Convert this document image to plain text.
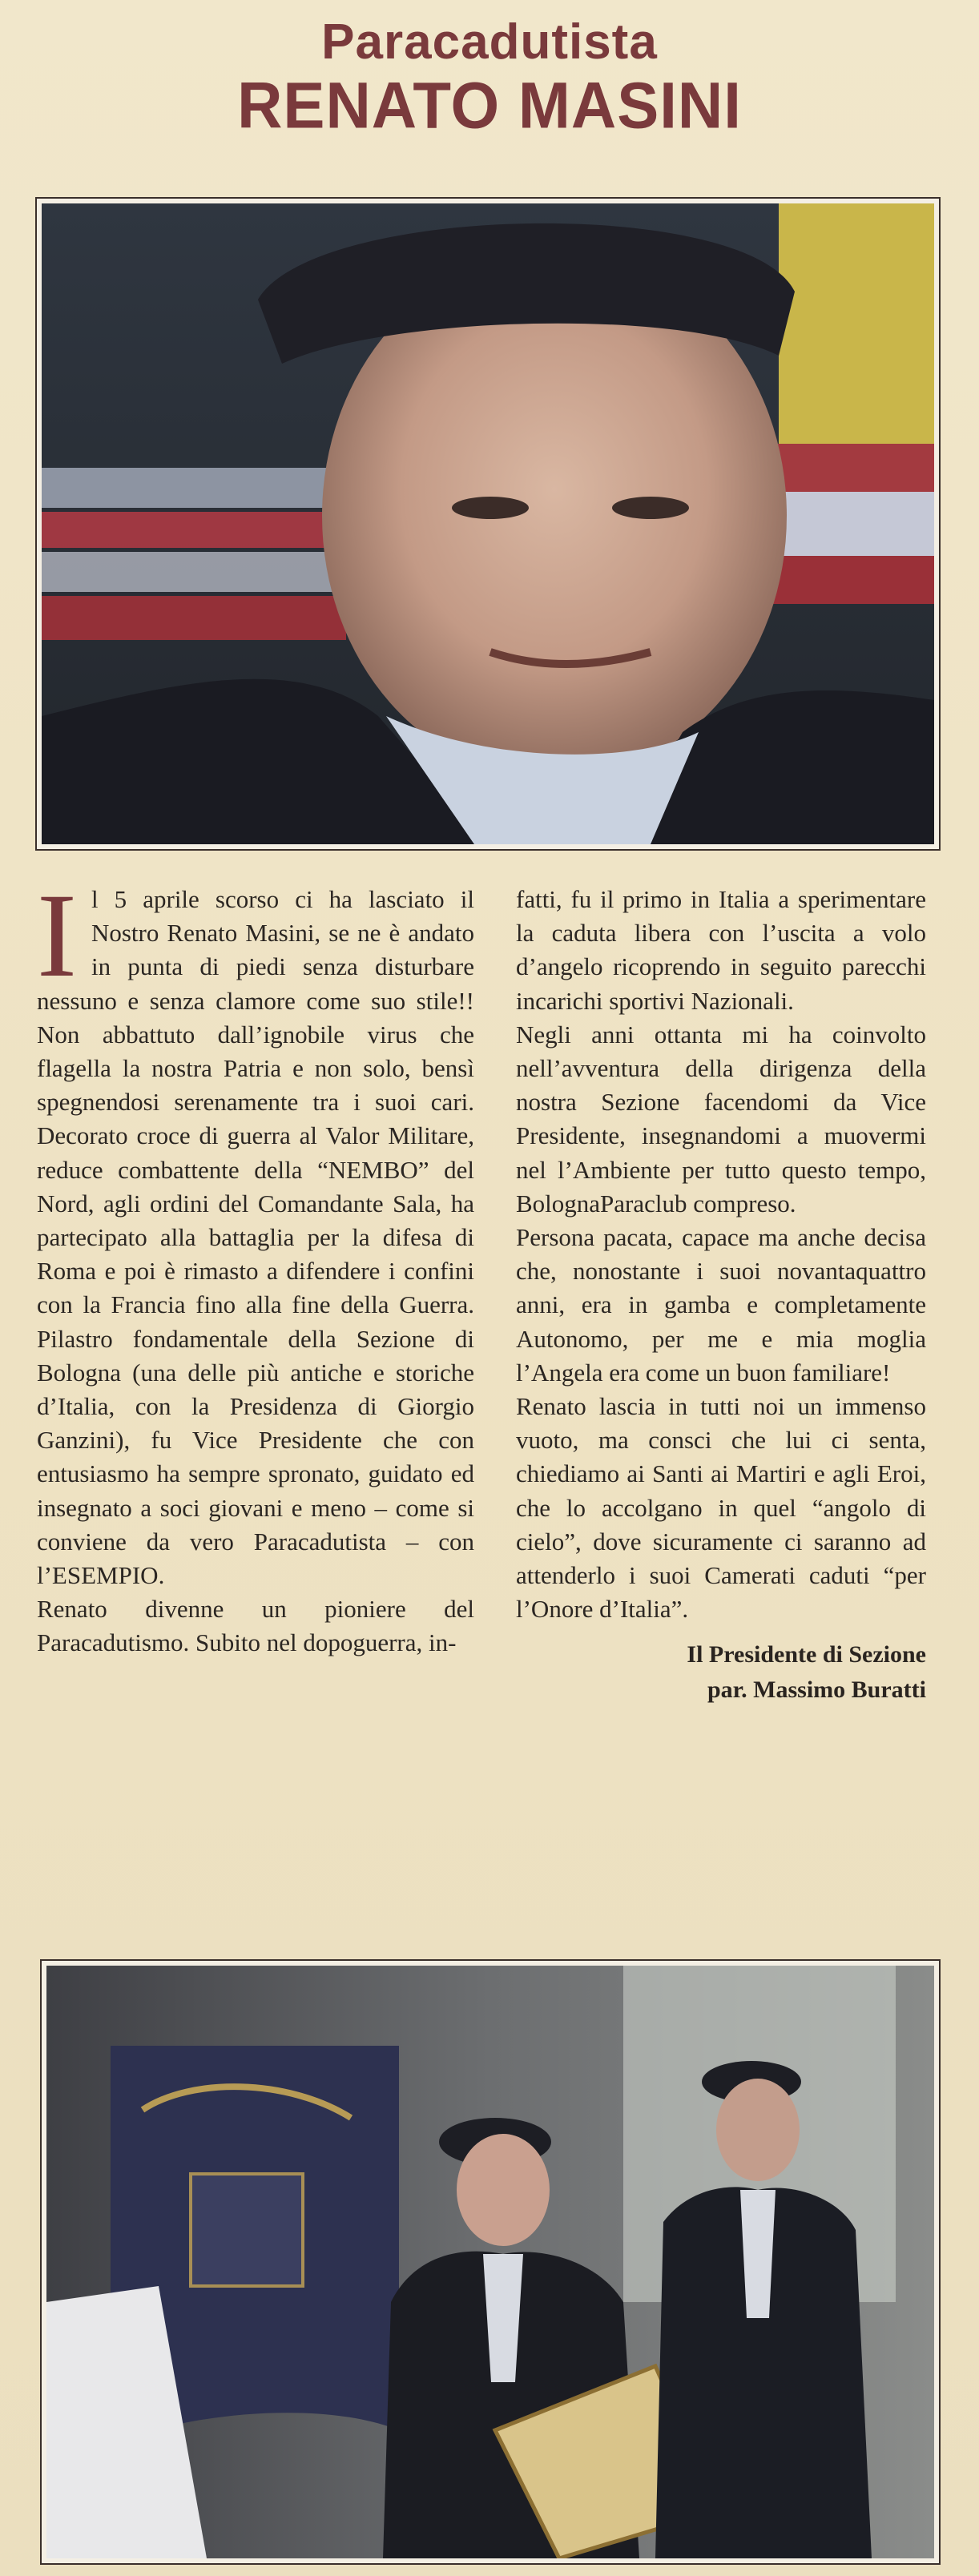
Paracadutista
RENATO MASINI

Il 5 aprile scorso ci ha lasciato il Nostro Renato Masini, se ne è andato in punta di piedi senza disturbare nessuno e senza clamore come suo stile!! Non abbattuto dall’ignobile virus che flagella la nostra Patria e non solo, bensì spegnendosi serenamente tra i suoi cari. Decorato croce di guerra al Valor Militare, reduce combattente della “NEMBO” del Nord, agli ordini del Comandante Sala, ha partecipato alla battaglia per la difesa di Roma e poi è rimasto a difendere i confini con la Francia fino alla fine della Guerra. Pilastro fondamentale della Sezione di Bologna (una delle più antiche e storiche d’Italia, con la Presidenza di Giorgio Ganzini), fu Vice Presidente che con entusiasmo ha sempre spronato, guidato ed insegnato a soci giovani e meno – come si conviene da vero Paracadutista – con l’ESEMPIO.

Renato divenne un pioniere del Paracadutismo. Subito nel dopoguerra, in-

fatti, fu il primo in Italia a sperimentare la caduta libera con l’uscita a volo d’angelo ricoprendo in seguito parecchi incarichi sportivi Nazionali.

Negli anni ottanta mi ha coinvolto nell’avventura della dirigenza della nostra Sezione facendomi da Vice Presidente, insegnandomi a muovermi nel l’Ambiente per tutto questo tempo, BolognaParaclub compreso.

Persona pacata, capace ma anche decisa che, nonostante i suoi novantaquattro anni, era in gamba e completamente Autonomo, per me e mia moglia l’Angela era come un buon familiare!

Renato lascia in tutti noi un immenso vuoto, ma consci che lui ci senta, chiediamo ai Santi ai Martiri e agli Eroi, che lo accolgano in quel “angolo di cielo”, dove sicuramente ci saranno ad attenderlo i suoi Camerati caduti “per l’Onore d’Italia”.

Il Presidente di Sezione
par. Massimo Buratti
